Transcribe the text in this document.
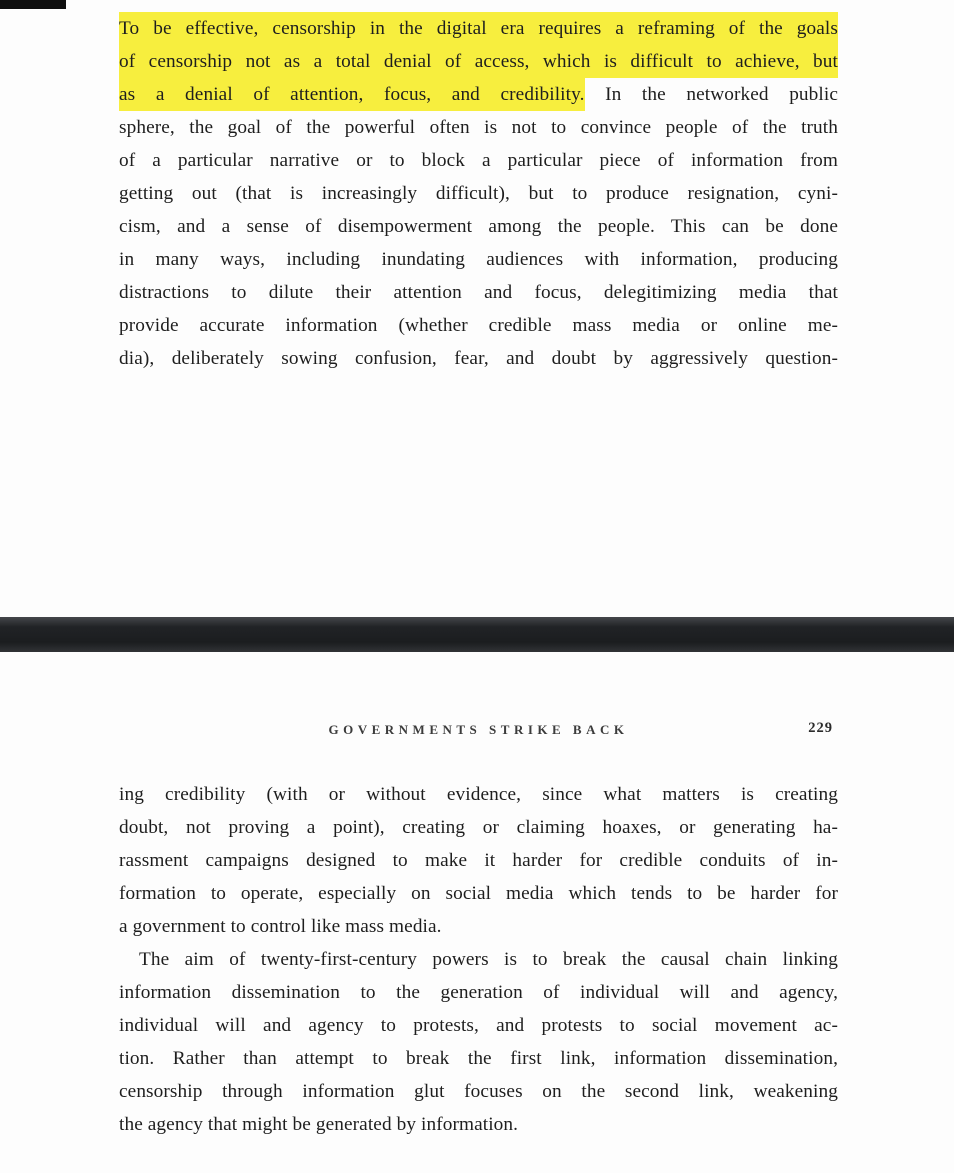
To be effective, censorship in the digital era requires a reframing of the goals
of censorship not as a total denial of access, which is difficult to achieve, but
as a denial of attention, focus, and credibility. In the networked public
sphere, the goal of the powerful often is not to convince people of the truth
of a particular narrative or to block a particular piece of information from
getting out (that is increasingly difficult), but to produce resignation, cyni-
cism, and a sense of disempowerment among the people. This can be done
in many ways, including inundating audiences with information, producing
distractions to dilute their attention and focus, delegitimizing media that
provide accurate information (whether credible mass media or online me-
dia), deliberately sowing confusion, fear, and doubt by aggressively question-
GOVERNMENTS STRIKE BACK	229
ing credibility (with or without evidence, since what matters is creating
doubt, not proving a point), creating or claiming hoaxes, or generating ha-
rassment campaigns designed to make it harder for credible conduits of in-
formation to operate, especially on social media which tends to be harder for
a government to control like mass media.
The aim of twenty-first-century powers is to break the causal chain linking
information dissemination to the generation of individual will and agency,
individual will and agency to protests, and protests to social movement ac-
tion. Rather than attempt to break the first link, information dissemination,
censorship through information glut focuses on the second link, weakening
the agency that might be generated by information.
